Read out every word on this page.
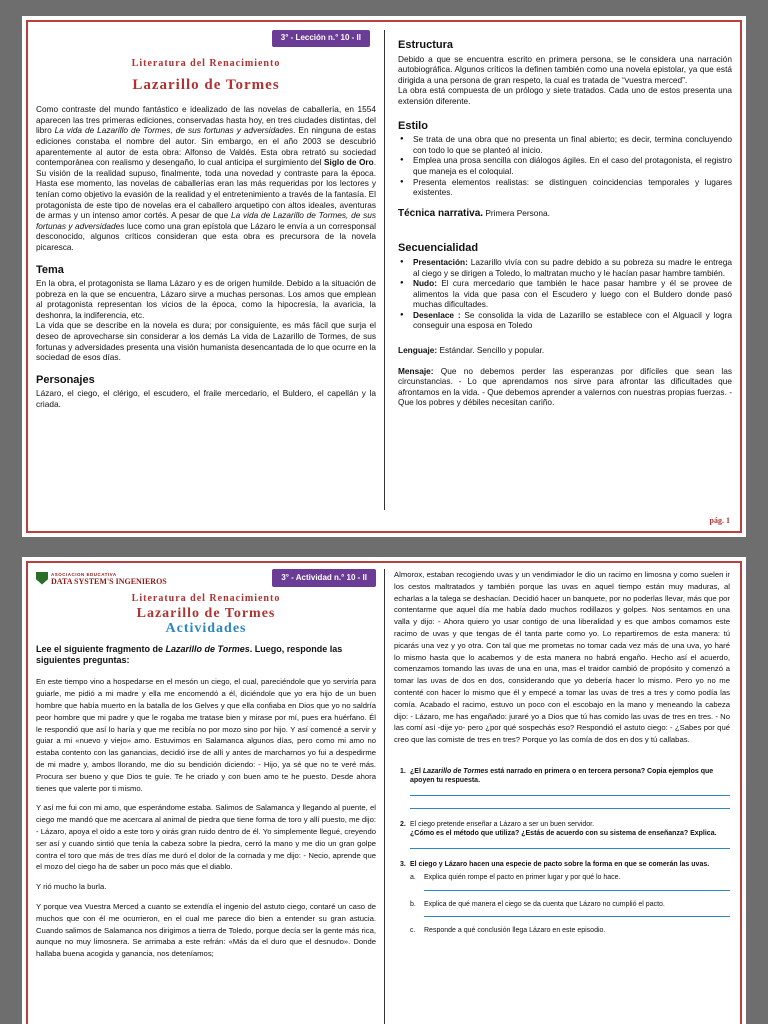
3° - Lección n.° 10 - II
Literatura del Renacimiento
Lazarillo de Tormes
Como contraste del mundo fantástico e idealizado de las novelas de caballería, en 1554 aparecen las tres primeras ediciones, conservadas hasta hoy, en tres ciudades distintas, del libro La vida de Lazarillo de Tormes, de sus fortunas y adversidades. En ninguna de estas ediciones constaba el nombre del autor. Sin embargo, en el año 2003 se descubrió aparentemente al autor de esta obra: Alfonso de Valdés. Esta obra retrató su sociedad contemporánea con realismo y desengaño, lo cual anticipa el surgimiento del Siglo de Oro. Su visión de la realidad supuso, finalmente, toda una novedad y contraste para la época. Hasta ese momento, las novelas de caballerías eran las más requeridas por los lectores y tenían como objetivo la evasión de la realidad y el entretenimiento a través de la fantasía. El protagonista de este tipo de novelas era el caballero arquetipo con altos ideales, aventuras de armas y un intenso amor cortés. A pesar de que La vida de Lazarillo de Tormes, de sus fortunas y adversidades luce como una gran epístola que Lázaro le envía a un corresponsal desconocido, algunos críticos consideran que esta obra es precursora de la novela picaresca.
Tema
En la obra, el protagonista se llama Lázaro y es de origen humilde. Debido a la situación de pobreza en la que se encuentra, Lázaro sirve a muchas personas. Los amos que emplean al protagonista representan los vicios de la época, como la hipocresía, la avaricia, la deshonra, la indiferencia, etc.
La vida que se describe en la novela es dura; por consiguiente, es más fácil que surja el deseo de aprovecharse sin considerar a los demás La vida de Lazarillo de Tormes, de sus fortunas y adversidades presenta una visión humanista desencantada de lo que ocurre en la sociedad de esos días.
Personajes
Lázaro, el ciego, el clérigo, el escudero, el fraile mercedario, el Buldero, el capellán y la criada.
Estructura
Debido a que se encuentra escrito en primera persona, se le considera una narración autobiográfica. Algunos críticos la definen también como una novela epistolar, ya que está dirigida a una persona de gran respeto, la cual es tratada de “vuestra merced”.
La obra está compuesta de un prólogo y siete tratados. Cada uno de estos presenta una extensión diferente.
Estilo
● Se trata de una obra que no presenta un final abierto; es decir, termina concluyendo con todo lo que se planteó al inicio.
● Emplea una prosa sencilla con diálogos ágiles. En el caso del protagonista, el registro que maneja es el coloquial.
● Presenta elementos realistas: se distinguen coincidencias temporales y lugares existentes.
Técnica narrativa. Primera Persona.
Secuencialidad
● Presentación: Lazarillo vivía con su padre debido a su pobreza su madre le entrega al ciego y se dirigen a Toledo, lo maltratan mucho y le hacían pasar hambre también.
● Nudo: El cura mercedario que también le hace pasar hambre y él se provee de alimentos la vida que pasa con el Escudero y luego con el Buldero donde pasó muchas dificultades.
● Desenlace : Se consolida la vida de Lazarillo se establece con el Alguacil y logra conseguir una esposa en Toledo
Lenguaje: Estándar. Sencillo y popular.
Mensaje: Que no debemos perder las esperanzas por difíciles que sean las circunstancias. - Lo que aprendamos nos sirve para afrontar las dificultades que afrontamos en la vida. - Que debemos aprender a valernos con nuestras propias fuerzas. - Que los pobres y débiles necesitan cariño.
pág. 1
ASOCIACION EDUCATIVA
DATA SYSTEM'S INGENIEROS	3° - Actividad n.° 10 - II
Literatura del Renacimiento
Lazarillo de Tormes
Actividades
Lee el siguiente fragmento de Lazarillo de Tormes. Luego, responde las siguientes preguntas:

En este tiempo vino a hospedarse en el mesón un ciego, el cual, pareciéndole que yo serviría para guiarle, me pidió a mi madre y ella me encomendó a él, diciéndole que yo era hijo de un buen hombre que había muerto en la batalla de los Gelves y que ella confiaba en Dios que yo no saldría peor hombre que mi padre y que le rogaba me tratase bien y mirase por mí, pues era huérfano. Él le respondió que así lo haría y que me recibía no por mozo sino por hijo. Y así comencé a servir y guiar a mi «nuevo y viejo» amo. Estuvimos en Salamanca algunos días, pero como mi amo no estaba contento con las ganancias, decidió irse de allí y antes de marcharnos yo fui a despedirme de mi madre y, ambos llorando, me dio su bendición diciendo: - Hijo, ya sé que no te veré más. Procura ser bueno y que Dios te guíe. Te he criado y con buen amo te he puesto. Desde ahora tienes que valerte por ti mismo.

Y así me fui con mi amo, que esperándome estaba. Salimos de Salamanca y llegando al puente, el ciego me mandó que me acercara al animal de piedra que tiene forma de toro y allí puesto, me dijo: - Lázaro, apoya el oído a este toro y oirás gran ruido dentro de él. Yo simplemente llegué, creyendo ser así y cuando sintió que tenía la cabeza sobre la piedra, cerró la mano y me dio un gran golpe contra el toro que más de tres días me duró el dolor de la cornada y me dijo: - Necio, aprende que el mozo del ciego ha de saber un poco más que el diablo.

Y rió mucho la burla.

Y porque vea Vuestra Merced a cuanto se extendía el ingenio del astuto ciego, contaré un caso de muchos que con él me ocurrieron, en el cual me parece dio bien a entender su gran astucia. Cuando salimos de Salamanca nos dirigimos a tierra de Toledo, porque decía ser la gente más rica, aunque no muy limosnera. Se arrimaba a este refrán: «Más da el duro que el desnudo». Donde hallaba buena acogida y ganancia, nos deteníamos;

Almorox, estaban recogiendo uvas y un vendimiador le dio un racimo en limosna y como suelen ir los cestos maltratados y también porque las uvas en aquel tiempo están muy maduras, al echarlas a la talega se deshacían. Decidió hacer un banquete, por no poderlas llevar, más que por contentarme que aquel día me había dado muchos rodillazos y golpes. Nos sentamos en una valla y dijo: - Ahora quiero yo usar contigo de una liberalidad y es que ambos comamos este racimo de uvas y que tengas de él tanta parte como yo. Lo repartiremos de esta manera: tú picarás una vez y yo otra. Con tal que me prometas no tomar cada vez más de una uva, yo haré lo mismo hasta que lo acabemos y de esta manera no habrá engaño. Hecho así el acuerdo, comenzamos tomando las uvas de una en una, mas el traidor cambió de propósito y comenzó a tomar las uvas de dos en dos, considerando que yo debería hacer lo mismo. Pero yo no me contenté con hacer lo mismo que él y empecé a tomar las uvas de tres a tres y como podía las comía. Acabado el racimo, estuvo un poco con el escobajo en la mano y meneando la cabeza dijo: - Lázaro, me has engañado: juraré yo a Dios que tú has comido las uvas de tres en tres. - No las comí así -dije yo- pero ¿por qué sospechás eso? Respondió el astuto ciego: - ¿Sabes por qué creo que las comiste de tres en tres? Porque yo las comía de dos en dos y tú callabas.
1. ¿El Lazarillo de Tormes está narrado en primera o en tercera persona? Copia ejemplos que apoyen tu respuesta.
2. El ciego pretende enseñar a Lázaro a ser un buen servidor.
¿Cómo es el método que utiliza? ¿Estás de acuerdo con su sistema de enseñanza? Explica.
3. El ciego y Lázaro hacen una especie de pacto sobre la forma en que se comerán las uvas.
a.	Explica quién rompe el pacto en primer lugar y por qué lo hace.
b.	Explica de qué manera el ciego se da cuenta que Lázaro no cumplió el pacto.
c.	Responde a qué conclusión llega Lázaro en este episodio.
